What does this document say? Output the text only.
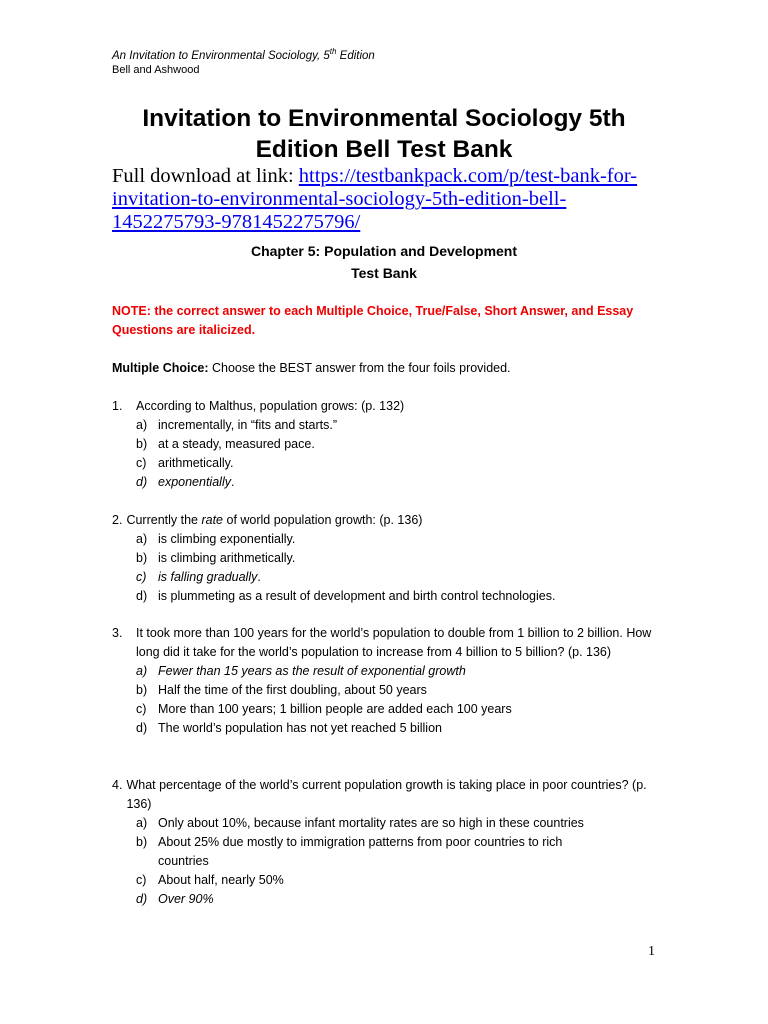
An Invitation to Environmental Sociology, 5th Edition
Bell and Ashwood
Invitation to Environmental Sociology 5th
Edition Bell Test Bank
Full download at link: https://testbankpack.com/p/test-bank-for-
invitation-to-environmental-sociology-5th-edition-bell-
1452275793-9781452275796/
Chapter 5: Population and Development
Test Bank
NOTE: the correct answer to each Multiple Choice, True/False, Short Answer, and Essay Questions are italicized.
Multiple Choice: Choose the BEST answer from the four foils provided.
1.	According to Malthus, population grows: (p. 132)
a) incrementally, in “fits and starts.”
b) at a steady, measured pace.
c) arithmetically.
d) exponentially.
2. Currently the rate of world population growth: (p. 136)
a) is climbing exponentially.
b) is climbing arithmetically.
c) is falling gradually.
d) is plummeting as a result of development and birth control technologies.
3.	It took more than 100 years for the world’s population to double from 1 billion to 2 billion. How long did it take for the world’s population to increase from 4 billion to 5 billion? (p. 136)
a) Fewer than 15 years as the result of exponential growth
b) Half the time of the first doubling, about 50 years
c) More than 100 years; 1 billion people are added each 100 years
d) The world’s population has not yet reached 5 billion
4. What percentage of the world’s current population growth is taking place in poor countries? (p. 136)
a) Only about 10%, because infant mortality rates are so high in these countries
b) About 25% due mostly to immigration patterns from poor countries to rich countries
c) About half, nearly 50%
d) Over 90%
1
